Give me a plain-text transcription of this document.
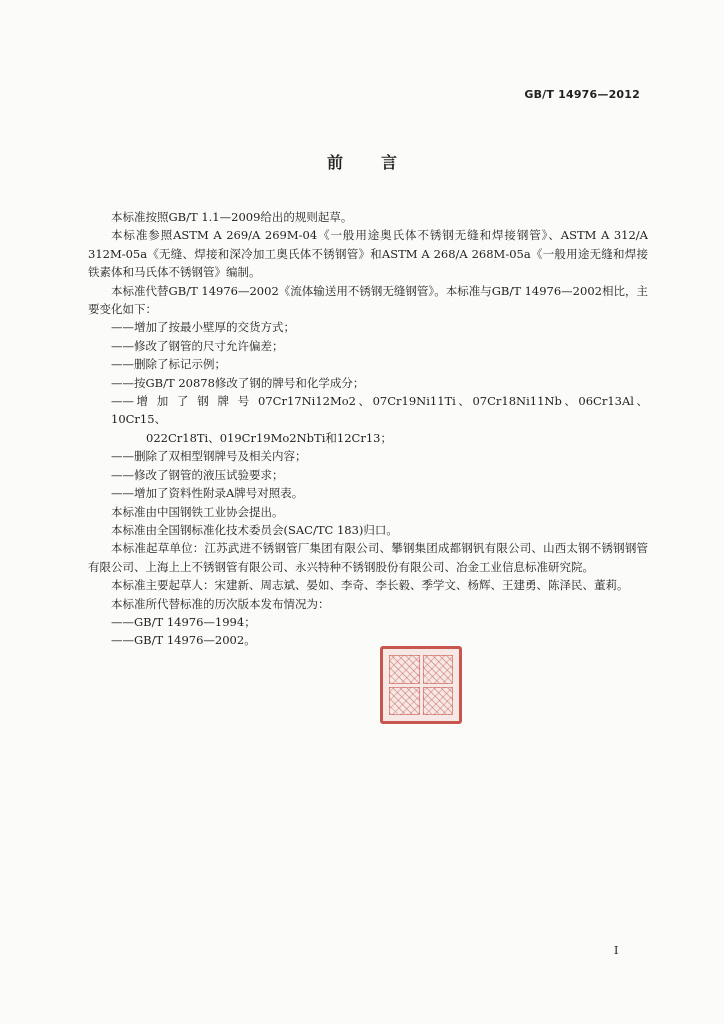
GB/T 14976—2012
前言

本标准按照GB/T 1.1—2009给出的规则起草。

本标准参照ASTM A 269/A 269M-04《一般用途奥氏体不锈钢无缝和焊接钢管》、ASTM A 312/A 312M-05a《无缝、焊接和深冷加工奥氏体不锈钢管》和ASTM A 268/A 268M-05a《一般用途无缝和焊接铁素体和马氏体不锈钢管》编制。

本标准代替GB/T 14976—2002《流体输送用不锈钢无缝钢管》。本标准与GB/T 14976—2002相比，主要变化如下：

——增加了按最小壁厚的交货方式；

——修改了钢管的尺寸允许偏差；

——删除了标记示例；

——按GB/T 20878修改了钢的牌号和化学成分；

——增 加 了 钢 牌 号 07Cr17Ni12Mo2、07Cr19Ni11Ti、07Cr18Ni11Nb、06Cr13Al、10Cr15、
022Cr18Ti、019Cr19Mo2NbTi和12Cr13；

——删除了双相型钢牌号及相关内容；

——修改了钢管的液压试验要求；

——增加了资料性附录A牌号对照表。

本标准由中国钢铁工业协会提出。

本标准由全国钢标准化技术委员会(SAC/TC 183)归口。

本标准起草单位：江苏武进不锈钢管厂集团有限公司、攀钢集团成都钢钒有限公司、山西太钢不锈钢钢管有限公司、上海上上不锈钢管有限公司、永兴特种不锈钢股份有限公司、冶金工业信息标准研究院。

本标准主要起草人：宋建新、周志斌、晏如、李奇、李长毅、季学文、杨辉、王建勇、陈泽民、董莉。

本标准所代替标准的历次版本发布情况为：

——GB/T 14976—1994；

——GB/T 14976—2002。

I
